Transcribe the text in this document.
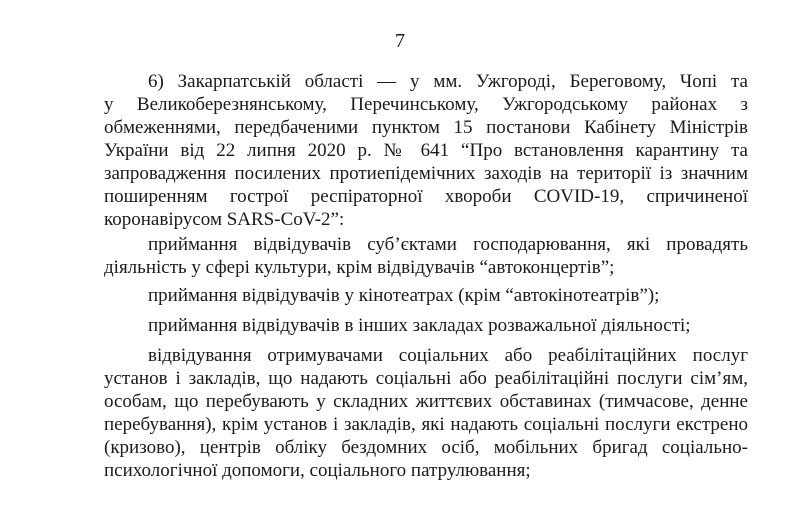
7
6) Закарпатській області — у мм. Ужгороді, Береговому, Чопі та
у Великоберезнянському, Перечинському, Ужгородському районах з
обмеженнями, передбаченими пунктом 15 постанови Кабінету Міністрів
України від 22 липня 2020 р. № 641 “Про встановлення карантину та
запровадження посилених протиепідемічних заходів на території із значним
поширенням гострої респіраторної хвороби COVID-19, спричиненої
коронавірусом SARS-CoV-2”:
приймання відвідувачів суб’єктами господарювання, які провадять
діяльність у сфері культури, крім відвідувачів “автоконцертів”;
приймання відвідувачів у кінотеатрах (крім “автокінотеатрів”);
приймання відвідувачів в інших закладах розважальної діяльності;
відвідування отримувачами соціальних або реабілітаційних послуг
установ і закладів, що надають соціальні або реабілітаційні послуги сім’ям,
особам, що перебувають у складних життєвих обставинах (тимчасове, денне
перебування), крім установ і закладів, які надають соціальні послуги екстрено
(кризово), центрів обліку бездомних осіб, мобільних бригад соціально-
психологічної допомоги, соціального патрулювання;
